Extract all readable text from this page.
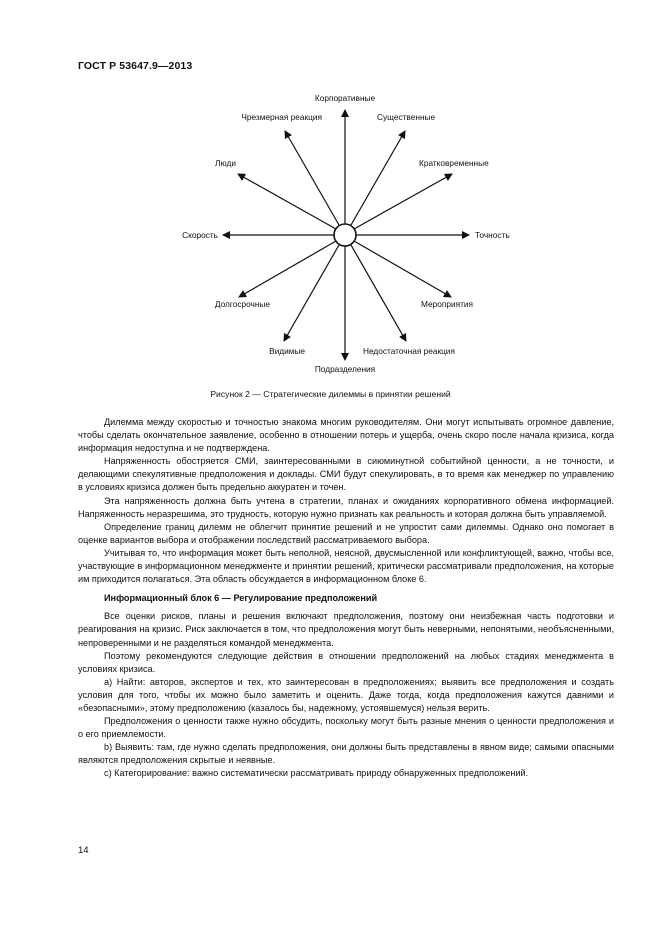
ГОСТ Р 53647.9—2013
Корпоративные
Существенные
Кратковременные
Точность
Мероприятия
Недостаточная реакция
Подразделения
Видимые
Долгосрочные
Скорость
Люди
Чрезмерная реакция
Рисунок 2 — Стратегические дилеммы в принятии решений

Дилемма между скоростью и точностью знакома многим руководителям. Они могут испытывать огромное давление, чтобы сделать окончательное заявление, особенно в отношении потерь и ущерба, очень скоро после начала кризиса, когда информация недоступна и не подтверждена.

Напряженность обостряется СМИ, заинтересованными в сиюминутной событийной ценности, а не точности, и делающими спекулятивные предположения и доклады. СМИ будут спекулировать, в то время как менеджер по управлению в условиях кризиса должен быть предельно аккуратен и точен.

Эта напряженность должна быть учтена в стратегии, планах и ожиданиях корпоративного обмена информацией. Напряженность неразрешима, это трудность, которую нужно признать как реальность и которая должна быть управляемой.

Определение границ дилемм не облегчит принятие решений и не упростит сами дилеммы. Однако оно помогает в оценке вариантов выбора и отображении последствий рассматриваемого выбора.

Учитывая то, что информация может быть неполной, неясной, двусмысленной или конфликтующей, важно, чтобы все, участвующие в информационном менеджменте и принятии решений, критически рассматривали предположения, на которые им приходится полагаться. Эта область обсуждается в информационном блоке 6.

Информационный блок 6 — Регулирование предположений

Все оценки рисков, планы и решения включают предположения, поэтому они неизбежная часть подготовки и реагирования на кризис. Риск заключается в том, что предположения могут быть неверными, непонятыми, необъясненными, непроверенными и не разделяться командой менеджмента.

Поэтому рекомендуются следующие действия в отношении предположений на любых стадиях менеджмента в условиях кризиса.

а) Найти: авторов, экспертов и тех, кто заинтересован в предположениях; выявить все предположения и создать условия для того, чтобы их можно было заметить и оценить. Даже тогда, когда предположения кажутся давними и «безопасными», этому предположению (казалось бы, надежному, устоявшемуся) нельзя верить.

Предположения о ценности также нужно обсудить, поскольку могут быть разные мнения о ценности предположения и о его приемлемости.

b) Выявить: там, где нужно сделать предположения, они должны быть представлены в явном виде; самыми опасными являются предположения скрытые и неявные.

с) Категорирование: важно систематически рассматривать природу обнаруженных предположений.

14
